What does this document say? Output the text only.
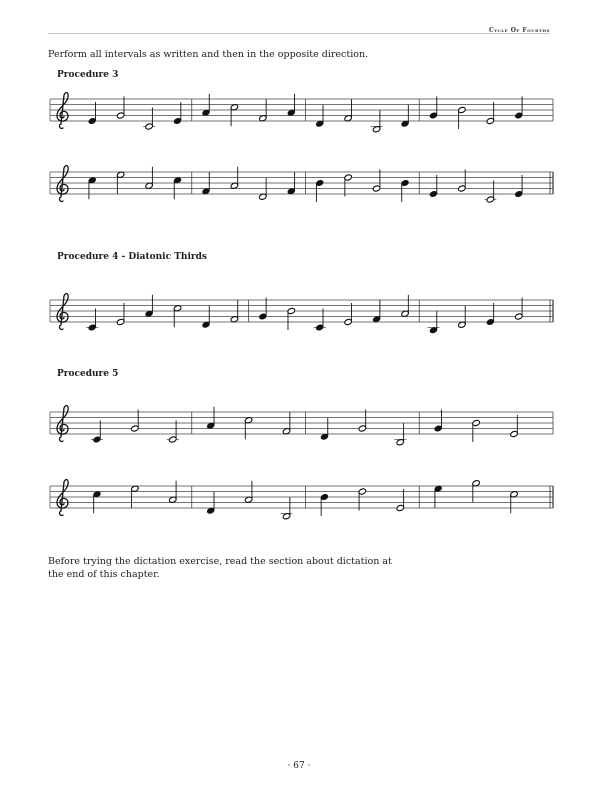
Cycle Of Fourths
Perform all intervals as written and then in the opposite direction.
Procedure 3
Procedure 4 - Diatonic Thirds
Procedure 5
Before trying the dictation exercise, read the section about dictation at the end of this chapter.
· 67 ·
